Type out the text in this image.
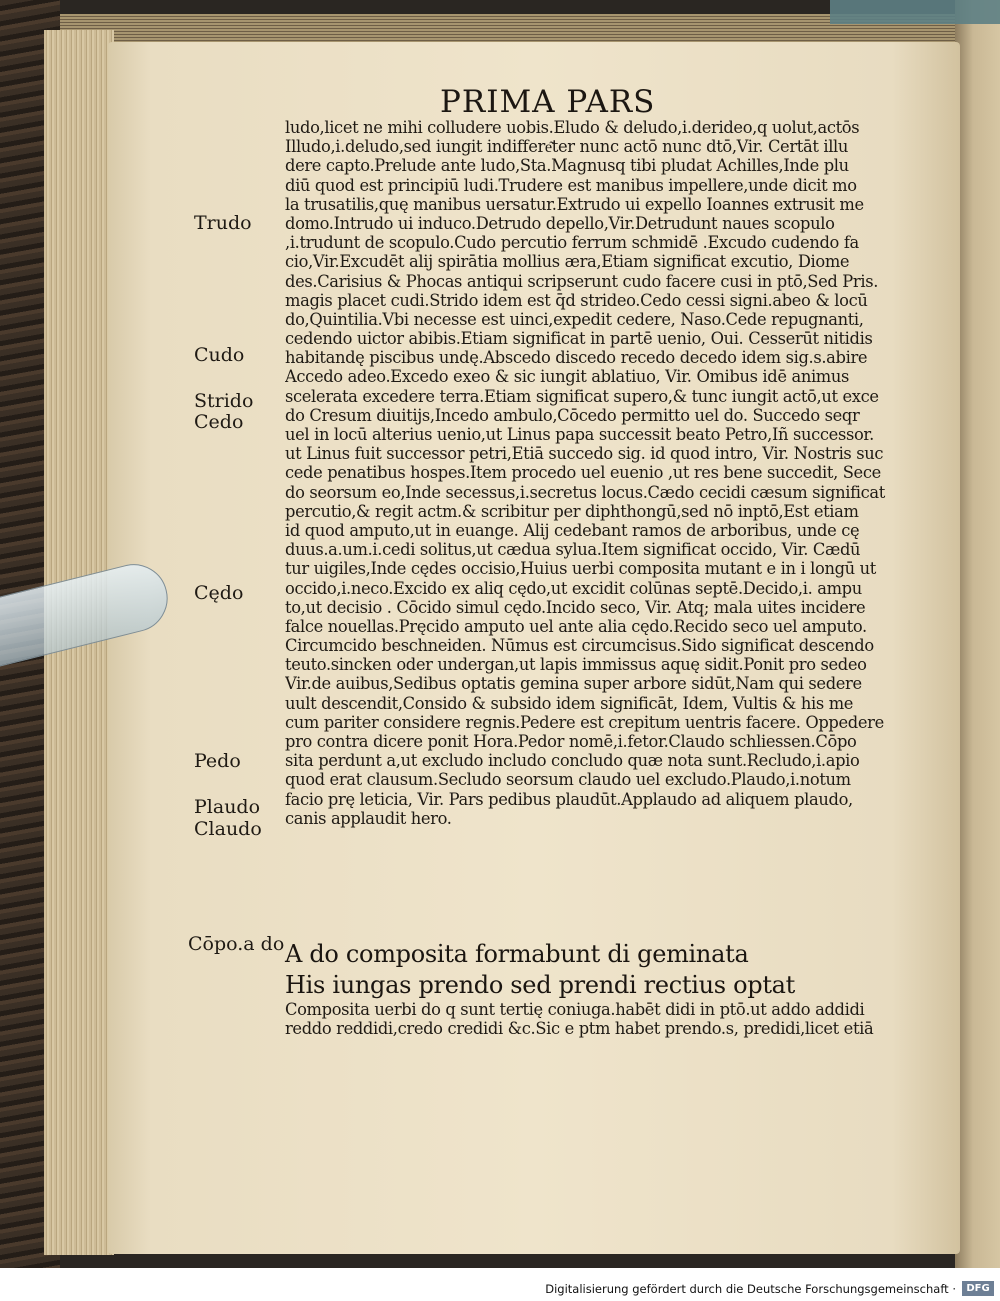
PRIMA PARS
ludo,licet ne mihi colludere uobis.Eludo & deludo,i.derideo,q uolut,actōs
Illudo,i.deludo,sed iungit indiffere͂ter nunc actō nunc dtō,Vir. Certāt illu
dere capto.Prelude ante ludo,Sta.Magnusq tibi pludat Achilles,Inde plu
diū quod est principiū ludi.Trudere est manibus impellere,unde dicit mo
la trusatilis,quę manibus uersatur.Extrudo ui expello Ioannes extrusit me
domo.Intrudo ui induco.Detrudo depello,Vir.Detrudunt naues scopulo
,i.trudunt de scopulo.Cudo percutio ferrum schmidē .Excudo cudendo fa
cio,Vir.Excudēt alij spirātia mollius æra,Etiam significat excutio, Diome
des.Carisius & Phocas antiqui scripserunt cudo facere cusi in ptō,Sed Pris.
magis placet cudi.Strido idem est q̄d strideo.Cedo cessi signi.abeo & locū
do,Quintilia.Vbi necesse est uinci,expedit cedere, Naso.Cede repugnanti,
cedendo uictor abibis.Etiam significat in partē uenio, Oui. Cesserūt nitidis
habitandę piscibus undę.Abscedo discedo recedo decedo idem sig.s.abire
Accedo adeo.Excedo exeo & sic iungit ablatiuo, Vir. Omibus idē animus
scelerata excedere terra.Etiam significat supero,& tunc iungit actō,ut exce
do Cresum diuitijs,Incedo ambulo,Cōcedo permitto uel do. Succedo seqr
uel in locū alterius uenio,ut Linus papa successit beato Petro,Iñ successor.
ut Linus fuit successor petri,Etiā succedo sig. id quod intro, Vir. Nostris suc
cede penatibus hospes.Item procedo uel euenio ,ut res bene succedit, Sece
do seorsum eo,Inde secessus,i.secretus locus.Cædo cecidi cæsum significat
percutio,& regit actm.& scribitur per diphthongū,sed nō inptō,Est etiam
id quod amputo,ut in euange. Alij cedebant ramos de arboribus, unde cę
duus.a.um.i.cedi solitus,ut cædua sylua.Item significat occido, Vir. Cædū
tur uigiles,Inde cędes occisio,Huius uerbi composita mutant e in i longū ut
occido,i.neco.Excido ex aliq cędo,ut excidit colūnas septē.Decido,i. ampu
to,ut decisio . Cōcido simul cędo.Incido seco, Vir. Atq; mala uites incidere
falce nouellas.Pręcido amputo uel ante alia cędo.Recido seco uel amputo.
Circumcido beschneiden. Nūmus est circumcisus.Sido significat descendo
teuto.sincken oder undergan,ut lapis immissus aquę sidit.Ponit pro sedeo
Vir.de auibus,Sedibus optatis gemina super arbore sidūt,Nam qui sedere
uult descendit,Consido & subsido idem significāt, Idem, Vultis & his me
cum pariter considere regnis.Pedere est crepitum uentris facere. Oppedere
pro contra dicere ponit Hora.Pedor nomē,i.fetor.Claudo schliessen.Cōpo
sita perdunt a,ut excludo includo concludo quæ nota sunt.Recludo,i.apio
quod erat clausum.Secludo seorsum claudo uel excludo.Plaudo,i.notum
facio prę leticia, Vir. Pars pedibus plaudūt.Applaudo ad aliquem plaudo,
canis applaudit hero.
A do composita formabunt di geminata
His iungas prendo sed prendi rectius optat
Composita uerbi do q sunt tertię coniuga.habēt didi in ptō.ut addo addidi
reddo reddidi,credo credidi &c.Sic e ptm habet prendo.s, predidi,licet etiā
Trudo
Cudo
Strido
Cedo
Cędo
Pedo
Plaudo
Claudo
Cōpo.a do
Digitalisierung gefördert durch die Deutsche Forschungsgemeinschaft ·	DFG
